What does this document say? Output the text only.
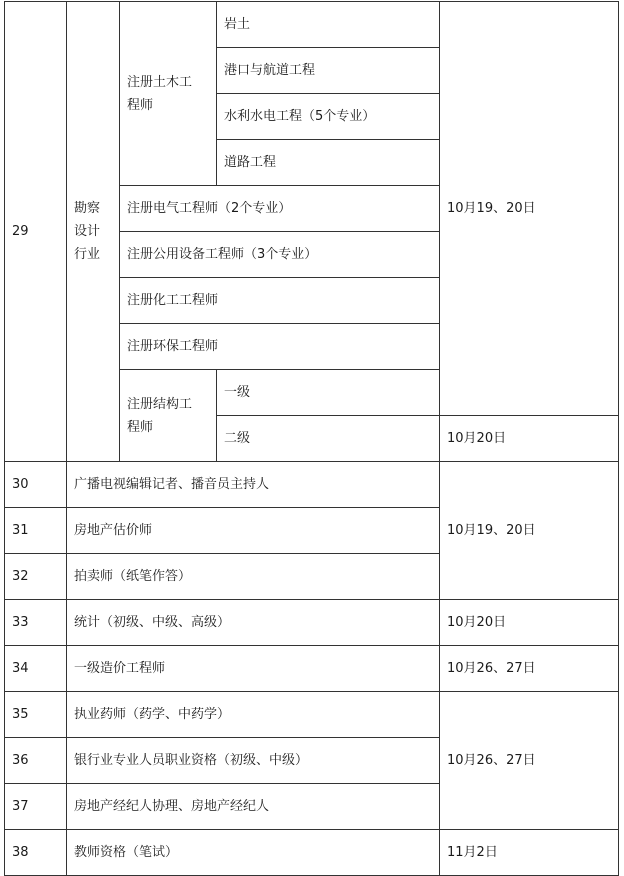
29	勘察设计行业	注册土木工程师	岩土	10月19、20日
			港口与航道工程	
			水利水电工程（5个专业）	
			道路工程	
		注册电气工程师（2个专业）		
		注册公用设备工程师（3个专业）		
		注册化工工程师		
		注册环保工程师		
		注册结构工程师	一级	
			二级	10月20日
30	广播电视编辑记者、播音员主持人			10月19、20日
31	房地产估价师			
32	拍卖师（纸笔作答）			
33	统计（初级、中级、高级）			10月20日
34	一级造价工程师			10月26、27日
35	执业药师（药学、中药学）			10月26、27日
36	银行业专业人员职业资格（初级、中级）			
37	房地产经纪人协理、房地产经纪人			
38	教师资格（笔试）			11月2日
